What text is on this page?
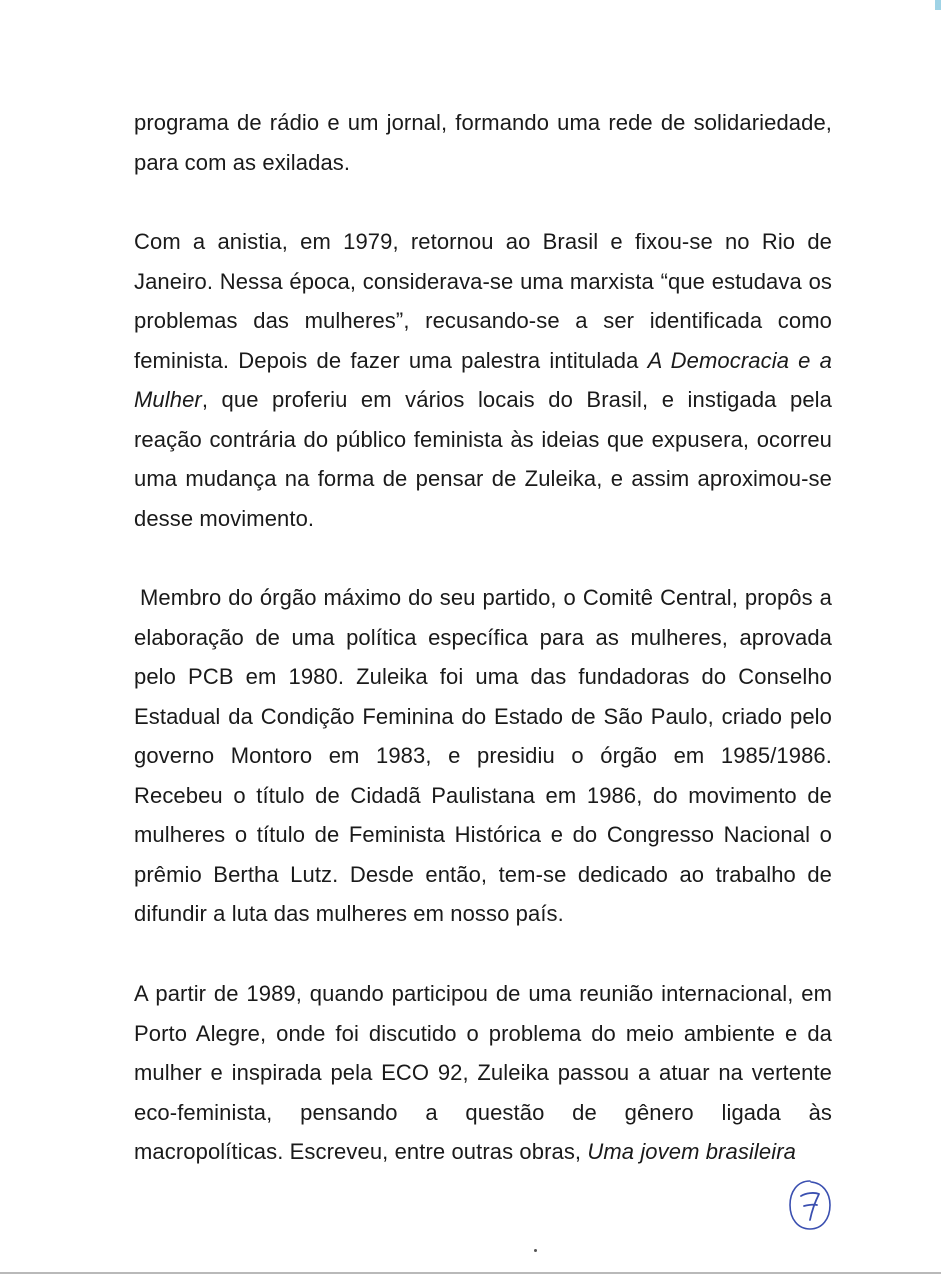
programa de rádio e um jornal, formando uma rede de solidariedade, para com as exiladas.

Com a anistia, em 1979, retornou ao Brasil e fixou-se no Rio de Janeiro. Nessa época, considerava-se uma marxista “que estudava os problemas das mulheres”, recusando-se a ser identificada como feminista. Depois de fazer uma palestra intitulada A Democracia e a Mulher, que proferiu em vários locais do Brasil, e instigada pela reação contrária do público feminista às ideias que expusera, ocorreu uma mudança na forma de pensar de Zuleika, e assim aproximou-se desse movimento.

Membro do órgão máximo do seu partido, o Comitê Central, propôs a elaboração de uma política específica para as mulheres, aprovada pelo PCB em 1980. Zuleika foi uma das fundadoras do Conselho Estadual da Condição Feminina do Estado de São Paulo, criado pelo governo Montoro em 1983, e presidiu o órgão em 1985/1986. Recebeu o título de Cidadã Paulistana em 1986, do movimento de mulheres o título de Feminista Histórica e do Congresso Nacional o prêmio Bertha Lutz. Desde então, tem-se dedicado ao trabalho de difundir a luta das mulheres em nosso país.

A partir de 1989, quando participou de uma reunião internacional, em Porto Alegre, onde foi discutido o problema do meio ambiente e da mulher e inspirada pela ECO 92, Zuleika passou a atuar na vertente eco-feminista, pensando a questão de gênero ligada às macropolíticas. Escreveu, entre outras obras, Uma jovem brasileira

7
